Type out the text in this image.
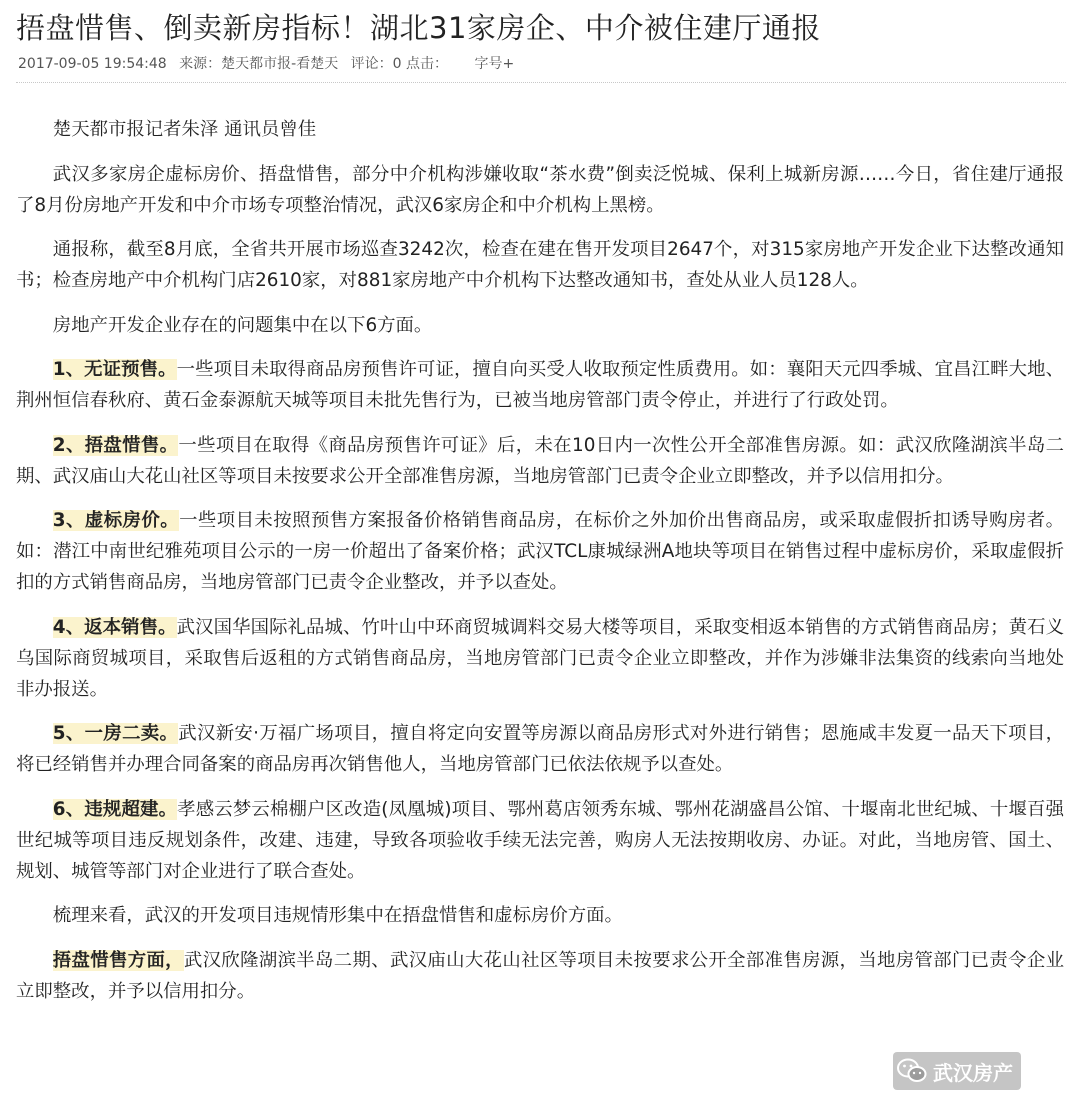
捂盘惜售、倒卖新房指标！湖北31家房企、中介被住建厅通报
2017-09-05 19:54:48 来源：楚天都市报-看楚天 评论：0 点击： 字号+

楚天都市报记者朱泽 通讯员曾佳

武汉多家房企虚标房价、捂盘惜售，部分中介机构涉嫌收取“茶水费”倒卖泛悦城、保利上城新房源……今日，省住建厅通报了8月份房地产开发和中介市场专项整治情况，武汉6家房企和中介机构上黑榜。

通报称，截至8月底，全省共开展市场巡查3242次，检查在建在售开发项目2647个，对315家房地产开发企业下达整改通知书；检查房地产中介机构门店2610家，对881家房地产中介机构下达整改通知书，查处从业人员128人。

房地产开发企业存在的问题集中在以下6方面。

1、无证预售。一些项目未取得商品房预售许可证，擅自向买受人收取预定性质费用。如：襄阳天元四季城、宜昌江畔大地、荆州恒信春秋府、黄石金泰源航天城等项目未批先售行为，已被当地房管部门责令停止，并进行了行政处罚。

2、捂盘惜售。一些项目在取得《商品房预售许可证》后，未在10日内一次性公开全部准售房源。如：武汉欣隆湖滨半岛二期、武汉庙山大花山社区等项目未按要求公开全部准售房源，当地房管部门已责令企业立即整改，并予以信用扣分。

3、虚标房价。一些项目未按照预售方案报备价格销售商品房，在标价之外加价出售商品房，或采取虚假折扣诱导购房者。如：潜江中南世纪雅苑项目公示的一房一价超出了备案价格；武汉TCL康城绿洲A地块等项目在销售过程中虚标房价，采取虚假折扣的方式销售商品房，当地房管部门已责令企业整改，并予以查处。

4、返本销售。武汉国华国际礼品城、竹叶山中环商贸城调料交易大楼等项目，采取变相返本销售的方式销售商品房；黄石义乌国际商贸城项目，采取售后返租的方式销售商品房，当地房管部门已责令企业立即整改，并作为涉嫌非法集资的线索向当地处非办报送。

5、一房二卖。武汉新安·万福广场项目，擅自将定向安置等房源以商品房形式对外进行销售；恩施咸丰发夏一品天下项目，将已经销售并办理合同备案的商品房再次销售他人，当地房管部门已依法依规予以查处。

6、违规超建。孝感云梦云棉棚户区改造(凤凰城)项目、鄂州葛店领秀东城、鄂州花湖盛昌公馆、十堰南北世纪城、十堰百强世纪城等项目违反规划条件，改建、违建，导致各项验收手续无法完善，购房人无法按期收房、办证。对此，当地房管、国土、规划、城管等部门对企业进行了联合查处。

梳理来看，武汉的开发项目违规情形集中在捂盘惜售和虚标房价方面。

捂盘惜售方面，武汉欣隆湖滨半岛二期、武汉庙山大花山社区等项目未按要求公开全部准售房源，当地房管部门已责令企业立即整改，并予以信用扣分。

武汉房产
